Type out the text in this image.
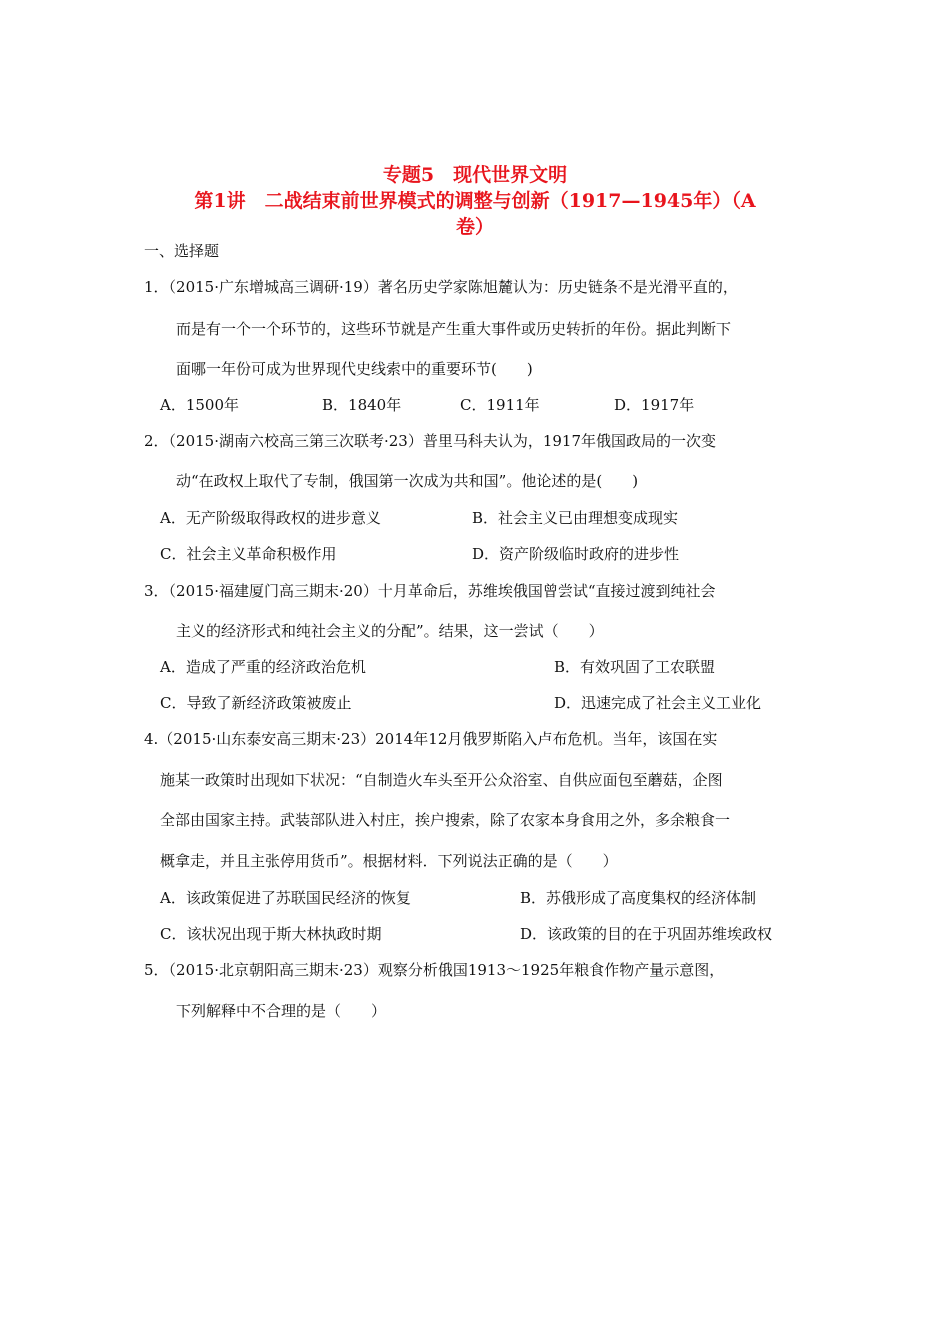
专题5　现代世界文明
第1讲　二战结束前世界模式的调整与创新（1917—1945年）（A
卷）
一、选择题
1．（2015·广东增城高三调研·19）著名历史学家陈旭麓认为：历史链条不是光滑平直的，
而是有一个一个环节的，这些环节就是产生重大事件或历史转折的年份。据此判断下
面哪一年份可成为世界现代史线索中的重要环节(　　)
A．1500年	B．1840年	C．1911年	D．1917年
2．（2015·湖南六校高三第三次联考·23）普里马科夫认为，1917年俄国政局的一次变
动“在政权上取代了专制，俄国第一次成为共和国”。他论述的是(　　)
A．无产阶级取得政权的进步意义	B．社会主义已由理想变成现实
C．社会主义革命积极作用	D．资产阶级临时政府的进步性
3．（2015·福建厦门高三期末·20）十月革命后，苏维埃俄国曾尝试“直接过渡到纯社会
主义的经济形式和纯社会主义的分配”。结果，这一尝试（　　）
A．造成了严重的经济政治危机	B．有效巩固了工农联盟
C．导致了新经济政策被废止	D．迅速完成了社会主义工业化
4.（2015·山东泰安高三期末·23）2014年12月俄罗斯陷入卢布危机。当年，该国在实
施某一政策时出现如下状况：“自制造火车头至开公众浴室、自供应面包至蘑菇，企图
全部由国家主持。武装部队进入村庄，挨户搜索，除了农家本身食用之外，多余粮食一
概拿走，并且主张停用货币”。根据材料．下列说法正确的是（　　）
A．该政策促进了苏联国民经济的恢复	B．苏俄形成了高度集权的经济体制
C．该状况出现于斯大林执政时期	D．该政策的目的在于巩固苏维埃政权
5．（2015·北京朝阳高三期末·23）观察分析俄国1913～1925年粮食作物产量示意图，
下列解释中不合理的是（　　）
